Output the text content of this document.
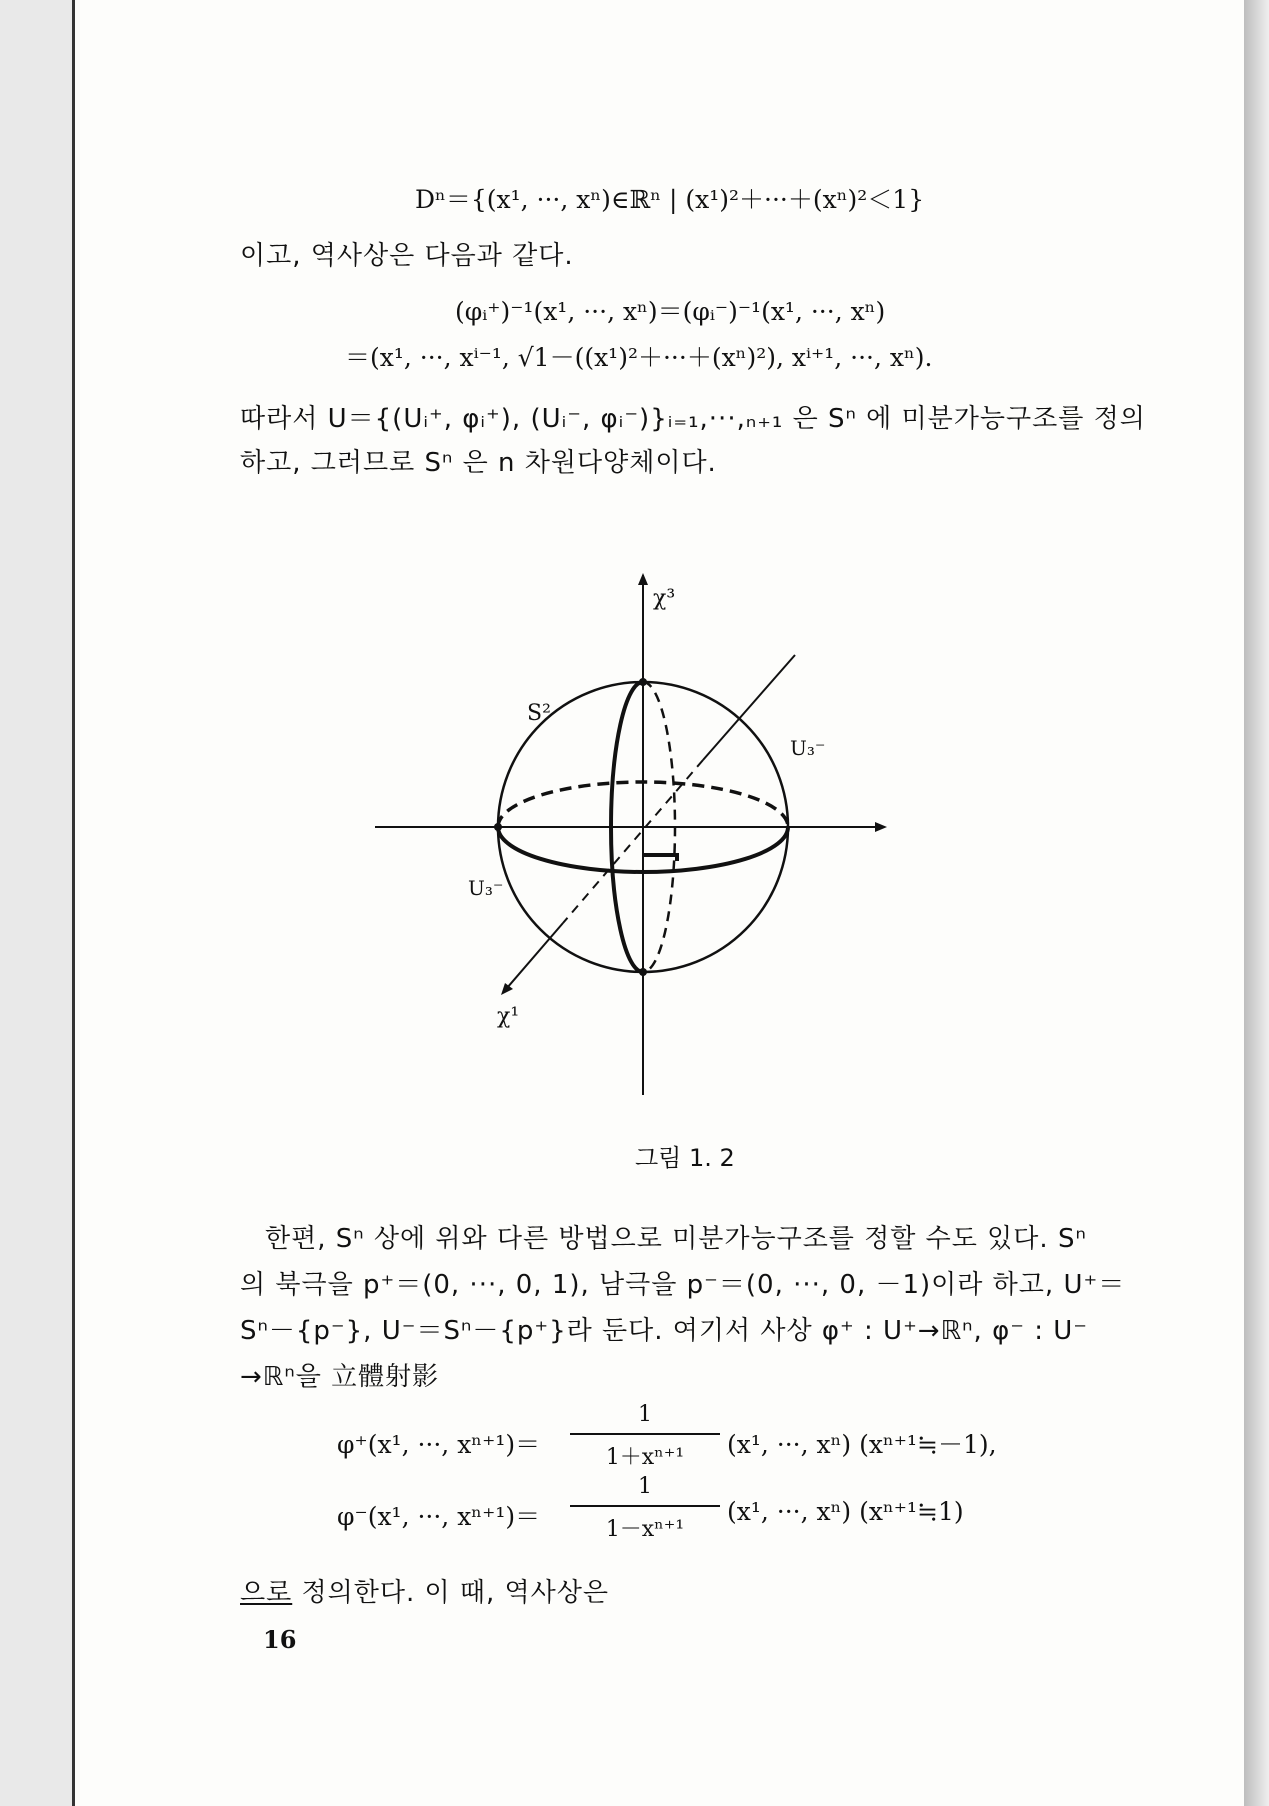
Dⁿ＝{(x¹, ···, xⁿ)∈ℝⁿ | (x¹)²＋···＋(xⁿ)²＜1}
이고, 역사상은 다음과 같다.
(φᵢ⁺)⁻¹(x¹, ···, xⁿ)＝(φᵢ⁻)⁻¹(x¹, ···, xⁿ)
＝(x¹, ···, xⁱ⁻¹, √1－((x¹)²＋···＋(xⁿ)²), xⁱ⁺¹, ···, xⁿ).
따라서 U＝{(Uᵢ⁺, φᵢ⁺), (Uᵢ⁻, φᵢ⁻)}ᵢ₌₁,···,ₙ₊₁ 은 Sⁿ 에 미분가능구조를 정의
하고, 그러므로 Sⁿ 은 n 차원다양체이다.
χ³
S²
U₃⁻
U₃⁻
χ¹
그림 1. 2
한편, Sⁿ 상에 위와 다른 방법으로 미분가능구조를 정할 수도 있다. Sⁿ
의 북극을 p⁺＝(0, ···, 0, 1), 남극을 p⁻＝(0, ···, 0, －1)이라 하고, U⁺＝
Sⁿ－{p⁻}, U⁻＝Sⁿ－{p⁺}라 둔다. 여기서 사상 φ⁺ : U⁺→ℝⁿ, φ⁻ : U⁻
→ℝⁿ을 立體射影
φ⁺(x¹, ···, xⁿ⁺¹)＝
1
1＋xⁿ⁺¹	(x¹, ···, xⁿ) (xⁿ⁺¹≒－1),
φ⁻(x¹, ···, xⁿ⁺¹)＝
1
1－xⁿ⁺¹
(x¹, ···, xⁿ) (xⁿ⁺¹≒1)
으로 정의한다. 이 때, 역사상은
16
